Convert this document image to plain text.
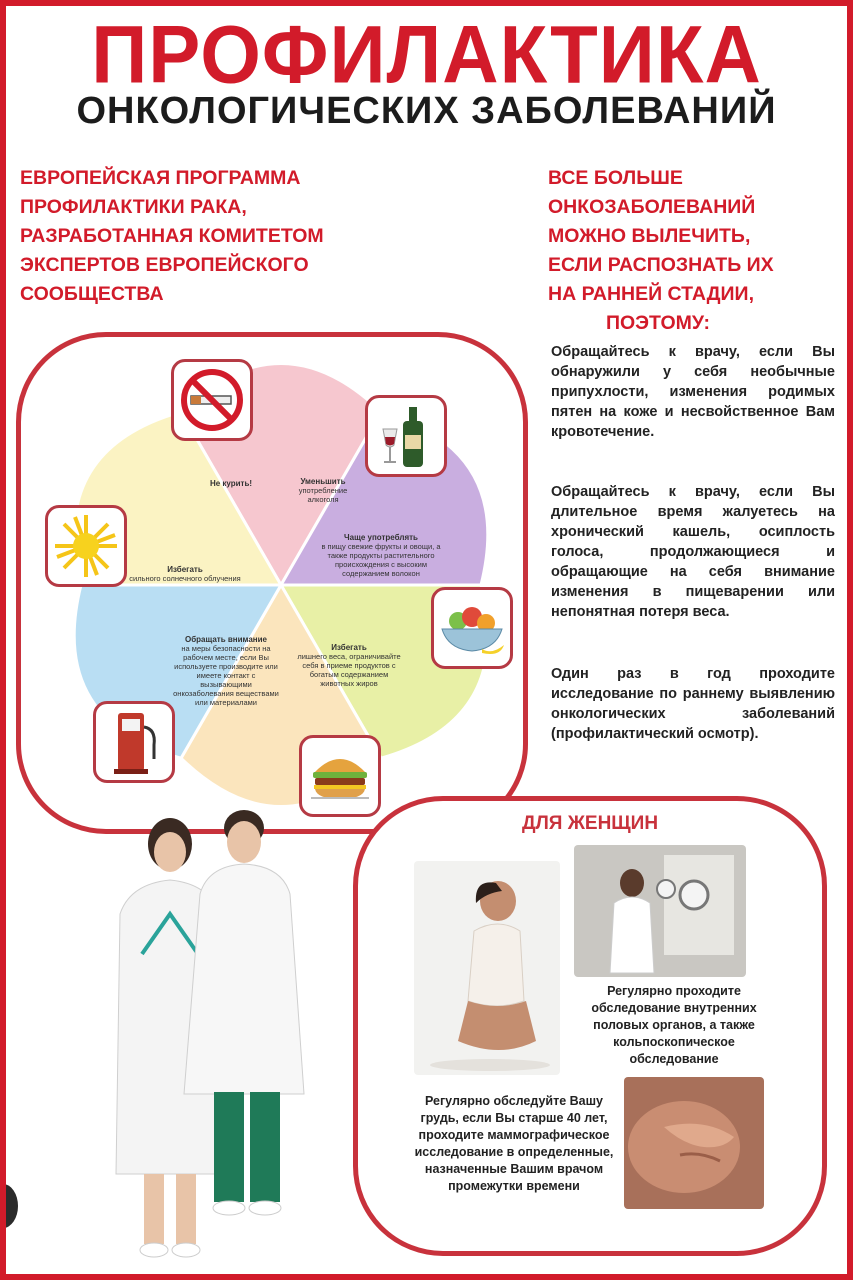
ПРОФИЛАКТИКА
ОНКОЛОГИЧЕСКИХ ЗАБОЛЕВАНИЙ
ЕВРОПЕЙСКАЯ ПРОГРАММА
ПРОФИЛАКТИКИ РАКА,
РАЗРАБОТАННАЯ КОМИТЕТОМ
ЭКСПЕРТОВ ЕВРОПЕЙСКОГО
СООБЩЕСТВА
ВСЕ БОЛЬШЕ
ОНКОЗАБОЛЕВАНИЙ
МОЖНО ВЫЛЕЧИТЬ,
ЕСЛИ РАСПОЗНАТЬ ИХ
НА РАННЕЙ СТАДИИ,
ПОЭТОМУ:
Обращайтесь к врачу, если Вы обнаружили у себя необычные припухлости, изменения родимых пятен на коже и несвойственное Вам кровотечение.
Обращайтесь к врачу, если Вы длительное время жалуетесь на хронический кашель, осиплость голоса, продолжающиеся и обращающие на себя внимание изменения в пищеварении или непонятная потеря веса.
Один раз в год проходите исследование по раннему выявлению онкологических заболеваний (профилактический осмотр).
Не курить!	Уменьшить
употребление алкоголя
Чаще употреблять
в пищу свежие фрукты и овощи, а также продукты растительного происхождения с высоким содержанием волокон
Избегать
лишнего веса, ограничивайте себя в приеме продуктов с богатым содержанием животных жиров
Обращать внимание
на меры безопасности на рабочем месте, если Вы используете производите или имеете контакт с вызывающими онкозаболевания веществами или материалами
Избегать
сильного солнечного облучения
ДЛЯ ЖЕНЩИН
Регулярно проходите обследование внутренних половых органов, а также кольпоскопическое обследование
Регулярно обследуйте Вашу грудь, если Вы старше 40 лет, проходите маммографическое исследование в определенные, назначенные Вашим врачом промежутки времени
